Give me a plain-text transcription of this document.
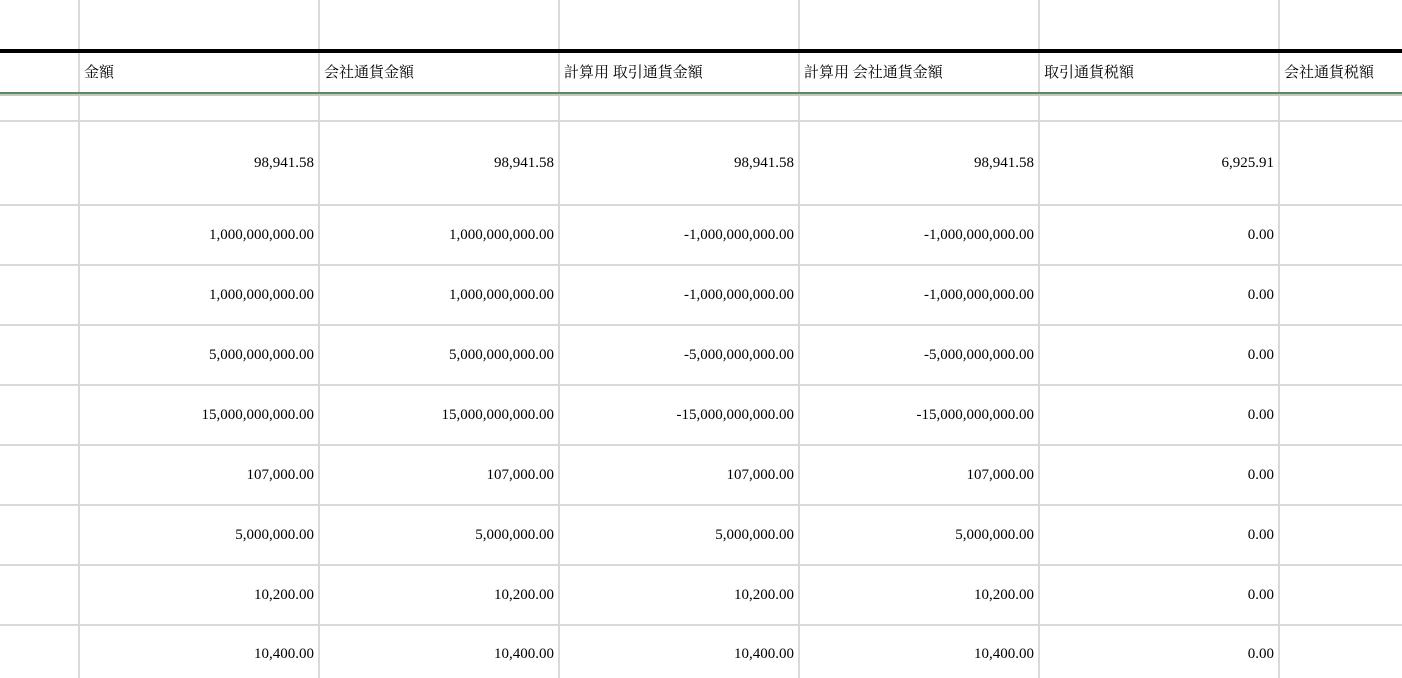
金額	会社通貨金額	計算用 取引通貨金額	計算用 会社通貨金額	取引通貨税額	会社通貨税額
98,941.58	98,941.58	98,941.58	98,941.58	6,925.91
1,000,000,000.00	1,000,000,000.00	-1,000,000,000.00	-1,000,000,000.00	0.00
1,000,000,000.00	1,000,000,000.00	-1,000,000,000.00	-1,000,000,000.00	0.00
5,000,000,000.00	5,000,000,000.00	-5,000,000,000.00	-5,000,000,000.00	0.00
15,000,000,000.00	15,000,000,000.00	-15,000,000,000.00	-15,000,000,000.00	0.00
107,000.00	107,000.00	107,000.00	107,000.00	0.00
5,000,000.00	5,000,000.00	5,000,000.00	5,000,000.00	0.00
10,200.00	10,200.00	10,200.00	10,200.00	0.00
10,400.00	10,400.00	10,400.00	10,400.00	0.00
